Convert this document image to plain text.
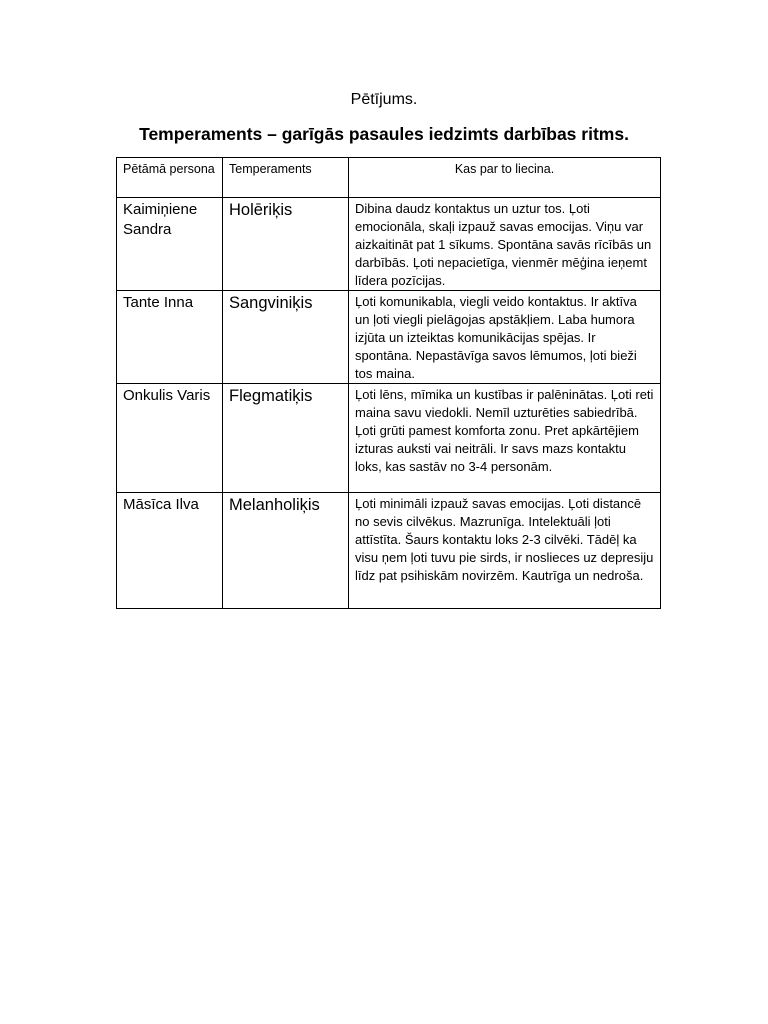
Pētījums.
Temperaments – garīgās pasaules iedzimts darbības ritms.
Pētāmā persona	Temperaments	Kas par to liecina.
Kaimiņiene Sandra	Holēriķis	Dibina daudz kontaktus un uztur tos. Ļoti emocionāla, skaļi izpauž savas emocijas. Viņu var aizkaitināt pat 1 sīkums. Spontāna savās rīcībās un darbībās. Ļoti nepacietīga, vienmēr mēģina ieņemt līdera pozīcijas.
Tante Inna	Sangviniķis	Ļoti komunikabla, viegli veido kontaktus. Ir aktīva un ļoti viegli pielāgojas apstākļiem. Laba humora izjūta un izteiktas komunikācijas spējas. Ir spontāna. Nepastāvīga savos lēmumos, ļoti bieži tos maina.
Onkulis Varis	Flegmatiķis	Ļoti lēns, mīmika un kustības ir palēninātas. Ļoti reti maina savu viedokli. Nemīl uzturēties sabiedrībā. Ļoti grūti pamest komforta zonu. Pret apkārtējiem izturas auksti vai neitrāli. Ir savs mazs kontaktu loks, kas sastāv no 3-4 personām.
Māsīca Ilva	Melanholiķis	Ļoti minimāli izpauž savas emocijas. Ļoti distancē no sevis cilvēkus. Mazrunīga. Intelektuāli ļoti attīstīta. Šaurs kontaktu loks 2-3 cilvēki. Tādēļ ka visu ņem ļoti tuvu pie sirds, ir noslieces uz depresiju līdz pat psihiskām novirzēm. Kautrīga un nedroša.
